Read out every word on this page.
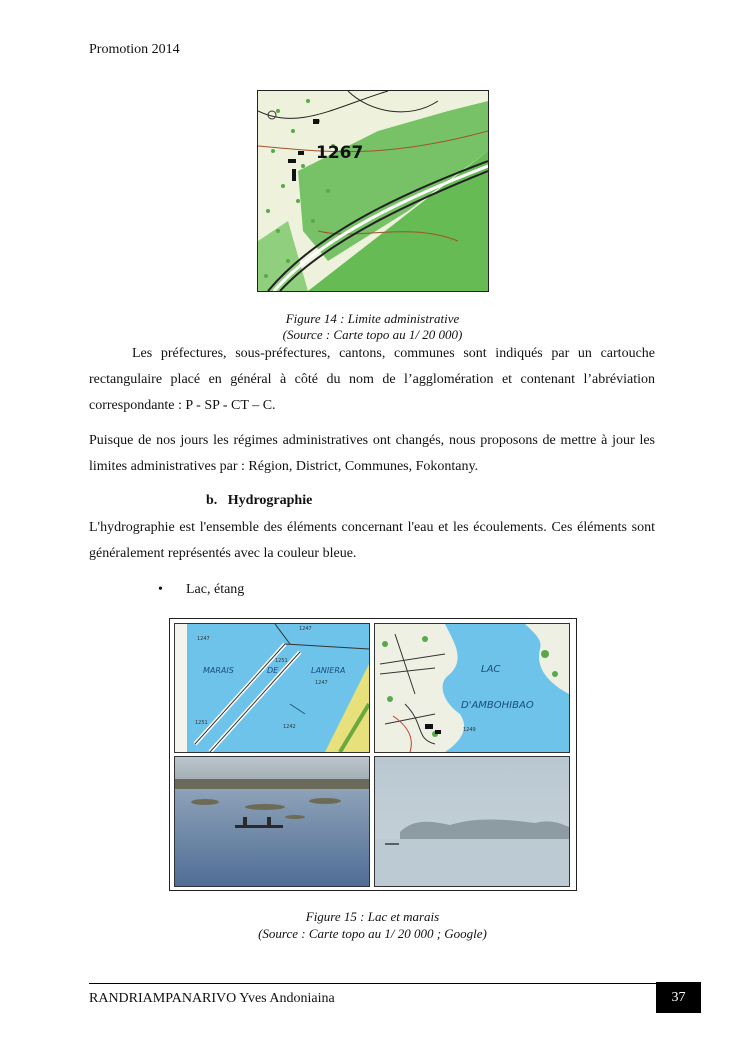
Promotion 2014
1267
Figure 14 : Limite administrative
(Source : Carte topo au 1/ 20 000)
Les préfectures, sous-préfectures, cantons, communes sont indiqués par un cartouche rectangulaire placé en général à côté du nom de l’agglomération et contenant l’abréviation correspondante : P - SP - CT – C.
Puisque de nos jours les régimes administratives ont changés, nous proposons de mettre à jour les limites administratives par : Région, District, Communes, Fokontany.
b. Hydrographie
L'hydrographie est l'ensemble des éléments concernant l'eau et les écoulements. Ces éléments sont généralement représentés avec la couleur bleue.
• Lac, étang
MARAIS	DE	LANIERA
1247
1251
1247
1251
1242
1247
LAC
D'AMBOHIBAO
1249
Figure 15 : Lac et marais
(Source : Carte topo au 1/ 20 000 ; Google)
RANDRIAMPANARIVO Yves Andoniaina	37
